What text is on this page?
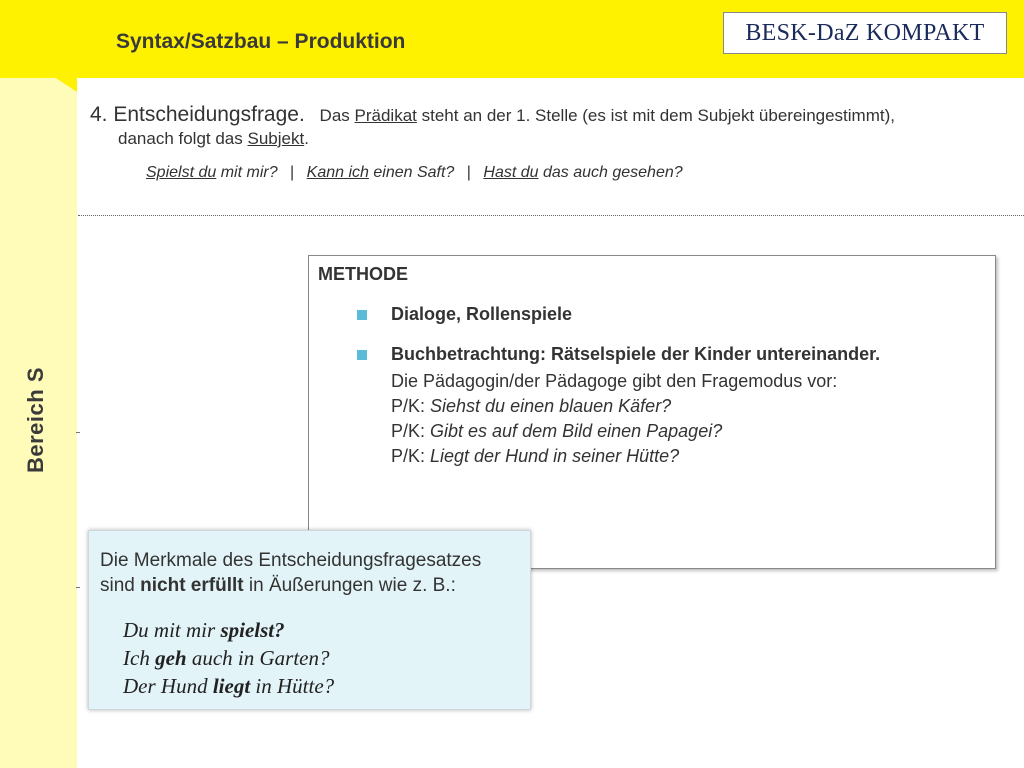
Syntax/Satzbau – Produktion	BESK-DaZ KOMPAKT
Bereich S
4. Entscheidungsfrage. Das Prädikat steht an der 1. Stelle (es ist mit dem Subjekt übereingestimmt),
danach folgt das Subjekt.
Spielst du mit mir? | Kann ich einen Saft? | Hast du das auch gesehen?
METHODE
Dialoge, Rollenspiele
Buchbetrachtung: Rätselspiele der Kinder untereinander.
Die Pädagogin/der Pädagoge gibt den Fragemodus vor:
P/K: Siehst du einen blauen Käfer?
P/K: Gibt es auf dem Bild einen Papagei?
P/K: Liegt der Hund in seiner Hütte?
Die Merkmale des Entscheidungsfragesatzes
sind nicht erfüllt in Äußerungen wie z. B.:
Du mit mir spielst?
Ich geh auch in Garten?
Der Hund liegt in Hütte?
